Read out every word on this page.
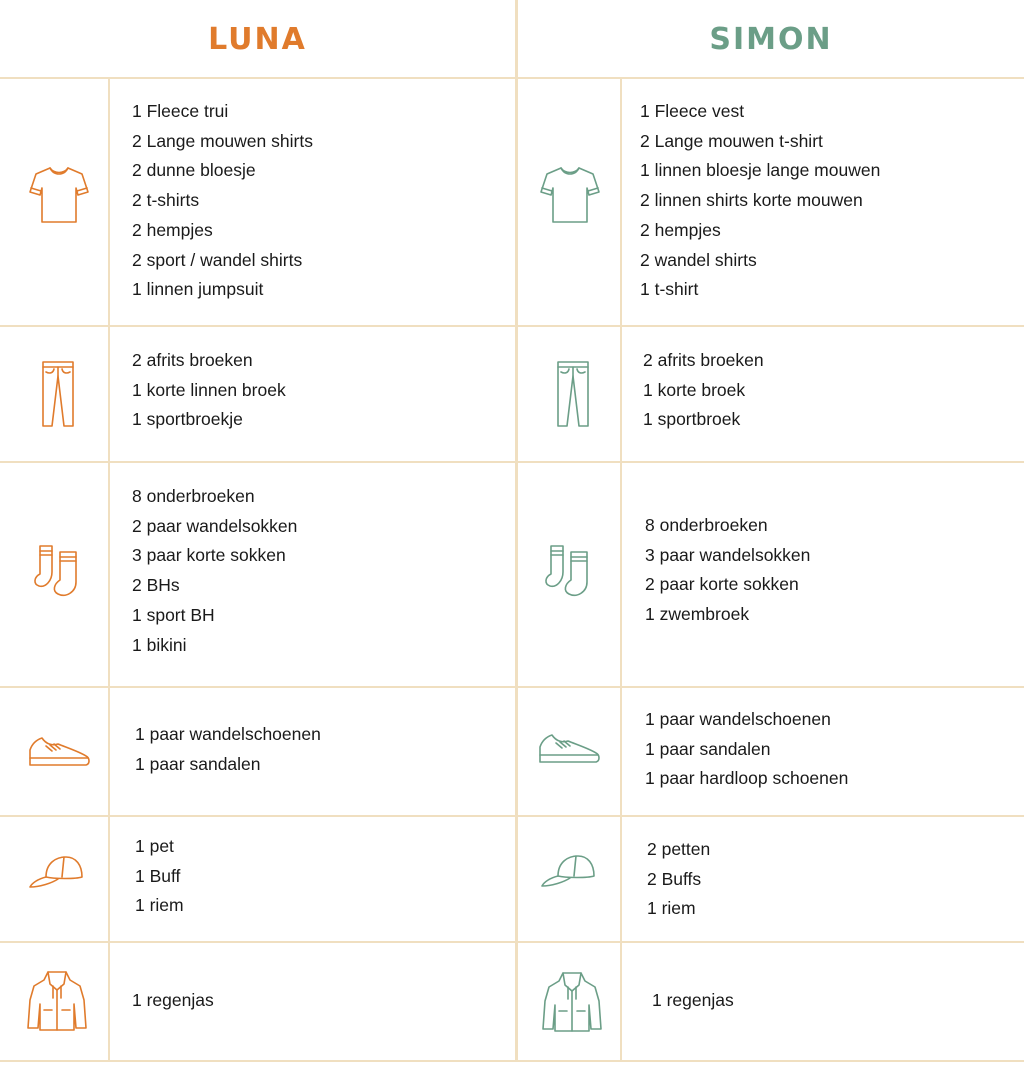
LUNA	SIMON
1 Fleece trui
2 Lange mouwen shirts
2 dunne bloesje
2 t-shirts
2 hempjes
2 sport / wandel shirts
1 linnen jumpsuit
2 afrits broeken
1 korte linnen broek
1 sportbroekje
8 onderbroeken
2 paar wandelsokken
3 paar korte sokken
2 BHs
1 sport BH
1 bikini
1 paar wandelschoenen
1 paar sandalen
1 pet
1 Buff
1 riem
1 regenjas
1 Fleece vest
2 Lange mouwen t-shirt
1 linnen bloesje lange mouwen
2 linnen shirts korte mouwen
2 hempjes
2 wandel shirts
1 t-shirt
2 afrits broeken
1 korte broek
1 sportbroek
8 onderbroeken
3 paar wandelsokken
2 paar korte sokken
1 zwembroek
1 paar wandelschoenen
1 paar sandalen
1 paar hardloop schoenen
2 petten
2 Buffs
1 riem
1 regenjas
